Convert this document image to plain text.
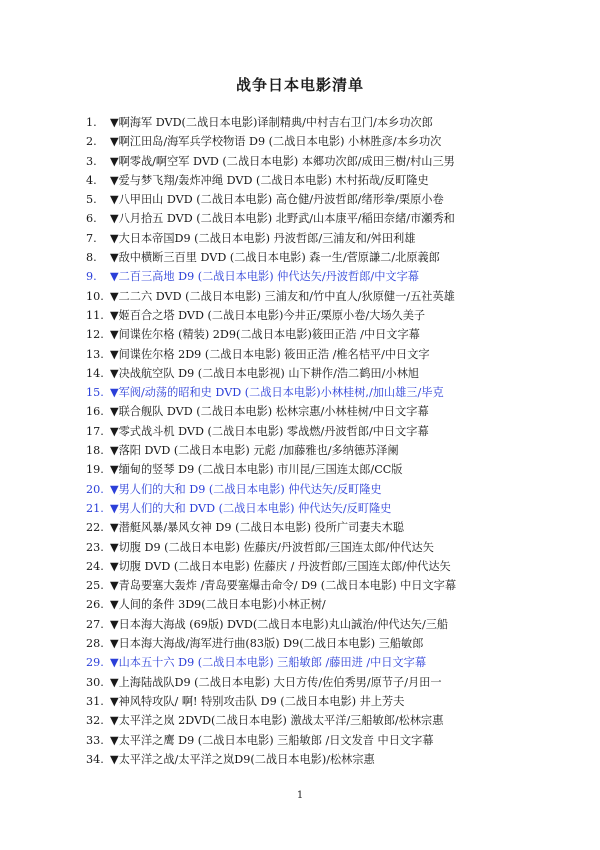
战争日本电影清单
1. ▼啊海军 DVD(二战日本电影)译制精典/中村吉右卫门/本乡功次郎
2. ▼啊江田岛/海军兵学校物语 D9 (二战日本电影) 小林胜彦/本乡功次
3. ▼啊零战/啊空军 DVD (二战日本电影) 本郷功次郎/成田三樹/村山三男
4. ▼爱与梦飞翔/轰炸冲绳 DVD (二战日本电影) 木村拓哉/反町隆史
5. ▼八甲田山 DVD (二战日本电影) 高仓健/丹波哲郎/绪形拳/栗原小卷
6. ▼八月拾五 DVD (二战日本电影) 北野武/山本康平/稲田奈緒/市瀬秀和
7. ▼大日本帝国D9 (二战日本电影) 丹波哲郎/三浦友和/舛田利雄
8. ▼敌中横断三百里 DVD (二战日本电影) 森一生/菅原謙二/北原義郎
9. ▼二百三高地 D9 (二战日本电影) 仲代达矢/丹波哲郎/中文字幕
10. ▼二二六 DVD (二战日本电影) 三浦友和/竹中直人/狄原健一/五社英雄
11. ▼姬百合之塔 DVD (二战日本电影)今井正/栗原小卷/大场久美子
12. ▼间谍佐尔格 (精装) 2D9(二战日本电影)筱田正浩 /中日文字幕
13. ▼间谍佐尔格 2D9 (二战日本电影) 筱田正浩 /椎名桔平/中日文字
14. ▼决战航空队 D9 (二战日本电影视) 山下耕作/浩二鹤田/小林旭
15. ▼军阀/动荡的昭和史 DVD (二战日本电影)小林桂树,/加山雄三/毕克
16. ▼联合舰队 DVD (二战日本电影) 松林宗惠/小林桂树/中日文字幕
17. ▼零式战斗机 DVD (二战日本电影) 零战燃/丹波哲郎/中日文字幕
18. ▼落阳 DVD (二战日本电影) 元彪 /加藤雅也/多纳德苏泽阑
19. ▼缅甸的竖琴 D9 (二战日本电影) 市川昆/三国连太郎/CC版
20. ▼男人们的大和 D9 (二战日本电影) 仲代达矢/反町隆史
21. ▼男人们的大和 DVD (二战日本电影) 仲代达矢/反町隆史
22. ▼潜艇风暴/暴风女神 D9 (二战日本电影) 役所广司妻夫木聪
23. ▼切腹 D9 (二战日本电影) 佐藤庆/丹波哲郎/三国连太郎/仲代达矢
24. ▼切腹 DVD (二战日本电影) 佐藤庆 / 丹波哲郎/三国连太郎/仲代达矢
25. ▼青岛要塞大轰炸 /青岛要塞爆击命令/ D9 (二战日本电影) 中日文字幕
26. ▼人间的条件 3D9(二战日本电影)小林正树/
27. ▼日本海大海战 (69版) DVD(二战日本电影)丸山誠治/仲代达矢/三船
28. ▼日本海大海战/海军进行曲(83版) D9(二战日本电影) 三船敏郎
29. ▼山本五十六 D9 (二战日本电影) 三船敏郎 /藤田进 /中日文字幕
30. ▼上海陆战队D9 (二战日本电影) 大日方传/佐伯秀男/原节子/月田一
31. ▼神风特攻队/ 啊! 特别攻击队 D9 (二战日本电影) 井上芳夫
32. ▼太平洋之岚 2DVD(二战日本电影) 激战太平洋/三船敏郎/松林宗惠
33. ▼太平洋之鹰 D9 (二战日本电影) 三船敏郎 /日文发音 中日文字幕
34. ▼太平洋之战/太平洋之岚D9(二战日本电影)/松林宗惠
1
